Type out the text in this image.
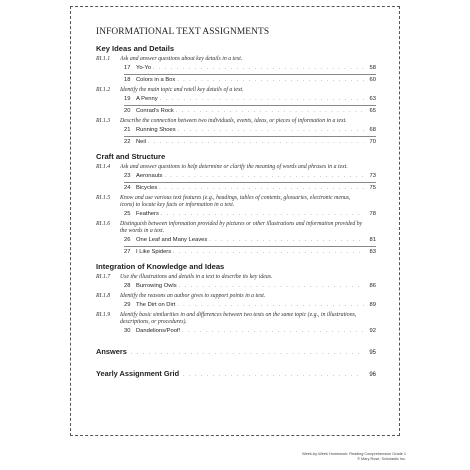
INFORMATIONAL TEXT ASSIGNMENTS
Key Ideas and Details
RI.1.1	Ask and answer questions about key details in a text.
17 Yo-Yo . . .	58
18 Colors in a Box . . .	60
RI.1.2	Identify the main topic and retell key details of a text.
19 A Penny . . .	63
20 Conrad's Rock . . .	65
RI.1.3	Describe the connection between two individuals, events, ideas, or pieces of information in a text.
21 Running Shoes . . .	68
22 Neil . . .	70
Craft and Structure
RI.1.4	Ask and answer questions to help determine or clarify the meaning of words and phrases in a text.
23 Aeronauts . . .	73
24 Bicycles . . .	75
RI.1.5	Know and use various text features (e.g., headings, tables of contents, glossaries, electronic menus, icons) to locate key facts or information in a text.
25 Feathers . . .	78
RI.1.6	Distinguish between information provided by pictures or other illustrations and information provided by the words in a text.
26 One Leaf and Many Leaves . . .	81
27 I Like Spiders . . .	83
Integration of Knowledge and Ideas
RI.1.7	Use the illustrations and details in a text to describe its key ideas.
28 Burrowing Owls . . .	86
RI.1.8	Identify the reasons an author gives to support points in a text.
29 The Dirt on Dirt . . .	89
RI.1.9	Identify basic similarities in and differences between two texts on the same topic (e.g., in illustrations, descriptions, or procedures).
30 Dandelions/Poof! . . .	92
Answers . . .	95
Yearly Assignment Grid . . .	96
Week-by-Week Homework: Reading Comprehension Grade 1
© Mary Rose, Scholastic Inc.
